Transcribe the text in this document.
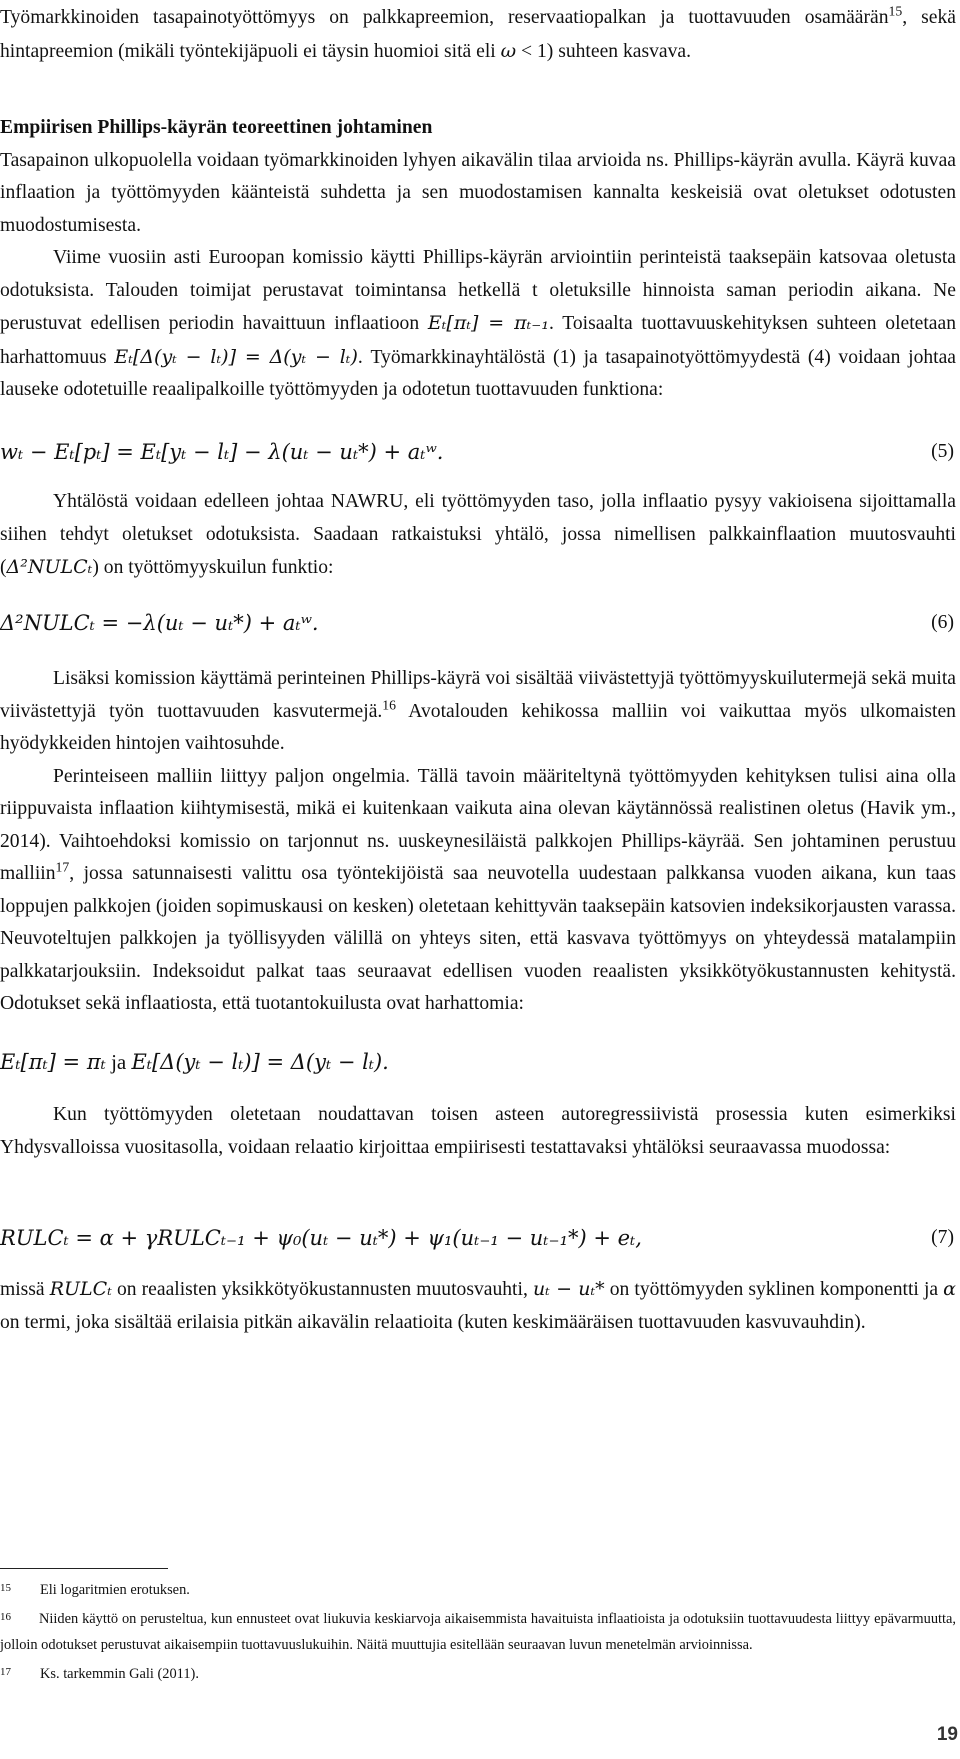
Työmarkkinoiden tasapainotyöttömyys on palkkapreemion, reservaatiopalkan ja tuottavuuden osamäärän$^{15}$, sekä hintapreemion (mikäli työntekijäpuoli ei täysin huomioi sitä eli ω < 1) suhteen kasvava.

Empiirisen Phillips-käyrän teoreettinen johtaminen

Tasapainon ulkopuolella voidaan työmarkkinoiden lyhyen aikavälin tilaa arvioida ns. Phillips-käyrän avulla. Käyrä kuvaa inflaation ja työttömyyden käänteistä suhdetta ja sen muodostamisen kannalta keskeisiä ovat oletukset odotusten muodostumisesta.

Viime vuosiin asti Euroopan komissio käytti Phillips-käyrän arviointiin perinteistä taaksepäin katsovaa oletusta odotuksista. Talouden toimijat perustavat toimintansa hetkellä t oletuksille hinnoista saman periodin aikana. Ne perustuvat edellisen periodin havaittuun inflaatioon Eₜ[πₜ] = πₜ₋₁. Toisaalta tuottavuuskehityksen suhteen oletetaan harhattomuus Eₜ[Δ(yₜ − lₜ)] = Δ(yₜ − lₜ). Työmarkkinayhtälöstä (1) ja tasapainotyöttömyydestä (4) voidaan johtaa lauseke odotetuille reaalipalkoille työttömyyden ja odotetun tuottavuuden funktiona:

wₜ − Eₜ[pₜ] = Eₜ[yₜ − lₜ] − λ(uₜ − uₜ*) + aₜʷ.	(5)

Yhtälöstä voidaan edelleen johtaa NAWRU, eli työttömyyden taso, jolla inflaatio pysyy vakioisena sijoittamalla siihen tehdyt oletukset odotuksista. Saadaan ratkaistuksi yhtälö, jossa nimellisen palkkainflaation muutosvauhti (Δ²NULCₜ) on työttömyyskuilun funktio:

Δ²NULCₜ = −λ(uₜ − uₜ*) + aₜʷ.	(6)

Lisäksi komission käyttämä perinteinen Phillips-käyrä voi sisältää viivästettyjä työttömyyskuilutermejä sekä muita viivästettyjä työn tuottavuuden kasvutermejä.$^{16}$ Avotalouden kehikossa malliin voi vaikuttaa myös ulkomaisten hyödykkeiden hintojen vaihtosuhde.

Perinteiseen malliin liittyy paljon ongelmia. Tällä tavoin määriteltynä työttömyyden kehityksen tulisi aina olla riippuvaista inflaation kiihtymisestä, mikä ei kuitenkaan vaikuta aina olevan käytännössä realistinen oletus (Havik ym., 2014). Vaihtoehdoksi komissio on tarjonnut ns. uuskeynesiläistä palkkojen Phillips-käyrää. Sen johtaminen perustuu malliin$^{17}$, jossa satunnaisesti valittu osa työntekijöistä saa neuvotella uudestaan palkkansa vuoden aikana, kun taas loppujen palkkojen (joiden sopimuskausi on kesken) oletetaan kehittyvän taaksepäin katsovien indeksikorjausten varassa. Neuvoteltujen palkkojen ja työllisyyden välillä on yhteys siten, että kasvava työttömyys on yhteydessä matalampiin palkkatarjouksiin. Indeksoidut palkat taas seuraavat edellisen vuoden reaalisten yksikkötyökustannusten kehitystä. Odotukset sekä inflaatiosta, että tuotantokuilusta ovat harhattomia:

Eₜ[πₜ] = πₜ ja Eₜ[Δ(yₜ − lₜ)] = Δ(yₜ − lₜ).

Kun työttömyyden oletetaan noudattavan toisen asteen autoregressiivistä prosessia kuten esimerkiksi Yhdysvalloissa vuositasolla, voidaan relaatio kirjoittaa empiirisesti testattavaksi yhtälöksi seuraavassa muodossa:

RULCₜ = α + γRULCₜ₋₁ + ψ₀(uₜ − uₜ*) + ψ₁(uₜ₋₁ − uₜ₋₁*) + eₜ,	(7)

missä RULCₜ on reaalisten yksikkötyökustannusten muutosvauhti, uₜ − uₜ* on työttömyyden syklinen komponentti ja α on termi, joka sisältää erilaisia pitkän aikavälin relaatioita (kuten keskimääräisen tuottavuuden kasvuvauhdin).

15 Eli logaritmien erotuksen.

$^{16}$ Niiden käyttö on perusteltua, kun ennusteet ovat liukuvia keskiarvoja aikaisemmista havaituista inflaatioista ja odotuksiin tuottavuudesta liittyy epävarmuutta, jolloin odotukset perustuvat aikaisempiin tuottavuuslukuihin. Näitä muuttujia esitellään seuraavan luvun menetelmän arvioinnissa.

17 Ks. tarkemmin Gali (2011).

19
